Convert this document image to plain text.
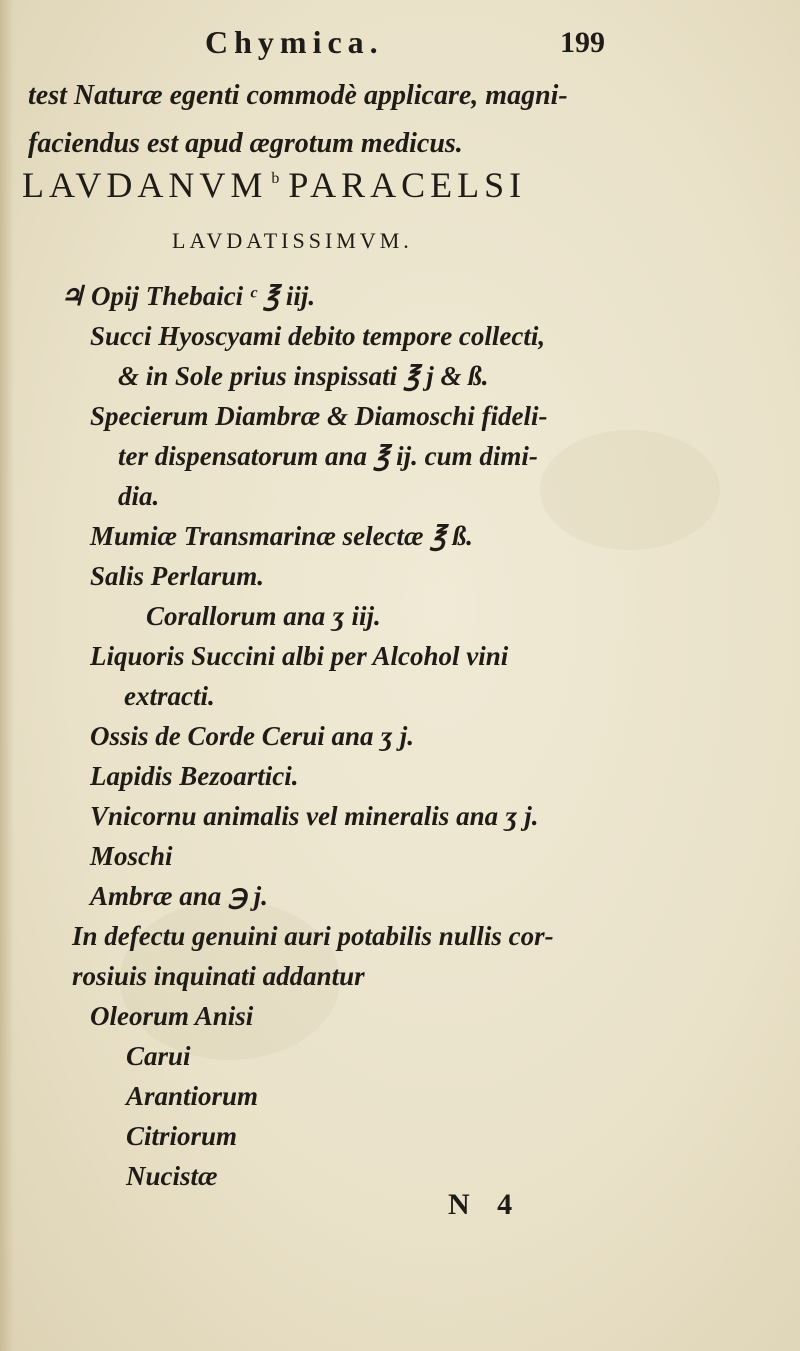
Chymica.	199
test Naturæ egenti commodè applicare, magni-
faciendus est apud ægrotum medicus.
LAVDANVM $^b$ PARACELSI
LAVDATISSIMVM.
♃ Opij Thebaici ᶜ ℥ iij.
Succi Hyoscyami debito tempore collecti,
& in Sole prius inspissati ℥ j & ß.
Specierum Diambræ & Diamoschi fideli-
ter dispensatorum ana ℥ ij. cum dimi-
dia.
Mumiæ Transmarinæ selectæ ℥ ß.
Salis Perlarum.
Corallorum ana ʒ iij.
Liquoris Succini albi per Alcohol vini
extracti.
Ossis de Corde Cerui ana ʒ j.
Lapidis Bezoartici.
Vnicornu animalis vel mineralis ana ʒ j.
Moschi
Ambræ ana ℈ j.
In defectu genuini auri potabilis nullis cor-
rosiuis inquinati addantur
Oleorum Anisi
Carui
Arantiorum
Citriorum
Nucistæ
N 4
